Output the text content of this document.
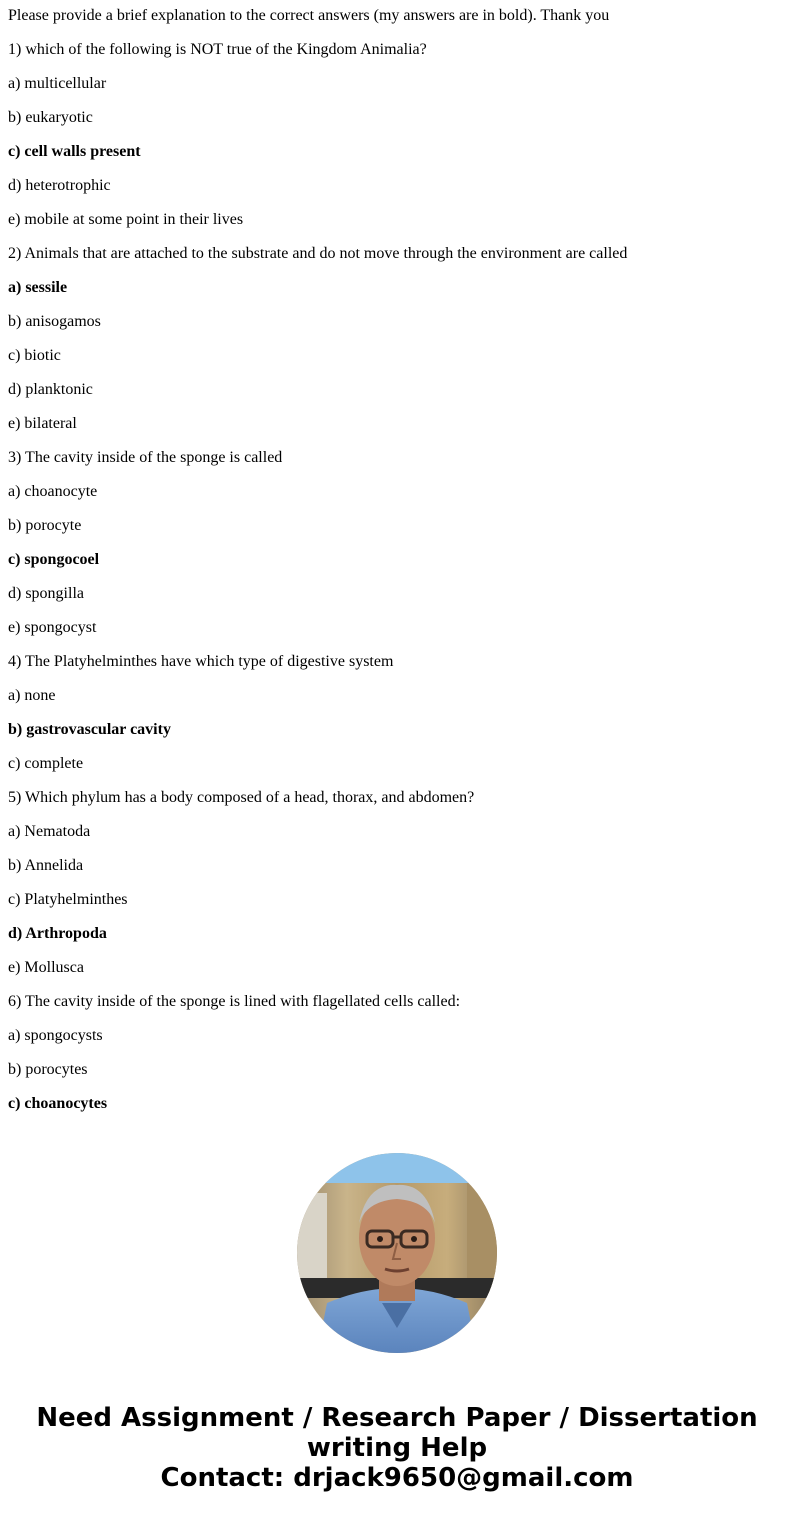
Please provide a brief explanation to the correct answers (my answers are in bold). Thank you
1) which of the following is NOT true of the Kingdom Animalia?
a) multicellular
b) eukaryotic
c) cell walls present
d) heterotrophic
e) mobile at some point in their lives
2) Animals that are attached to the substrate and do not move through the environment are called
a) sessile
b) anisogamos
c) biotic
d) planktonic
e) bilateral
3) The cavity inside of the sponge is called
a) choanocyte
b) porocyte
c) spongocoel
d) spongilla
e) spongocyst
4) The Platyhelminthes have which type of digestive system
a) none
b) gastrovascular cavity
c) complete
5) Which phylum has a body composed of a head, thorax, and abdomen?
a) Nematoda
b) Annelida
c) Platyhelminthes
d) Arthropoda
e) Mollusca
6) The cavity inside of the sponge is lined with flagellated cells called:
a) spongocysts
b) porocytes
c) choanocytes
Need Assignment / Research Paper / Dissertation
writing Help
Contact: drjack9650@gmail.com
